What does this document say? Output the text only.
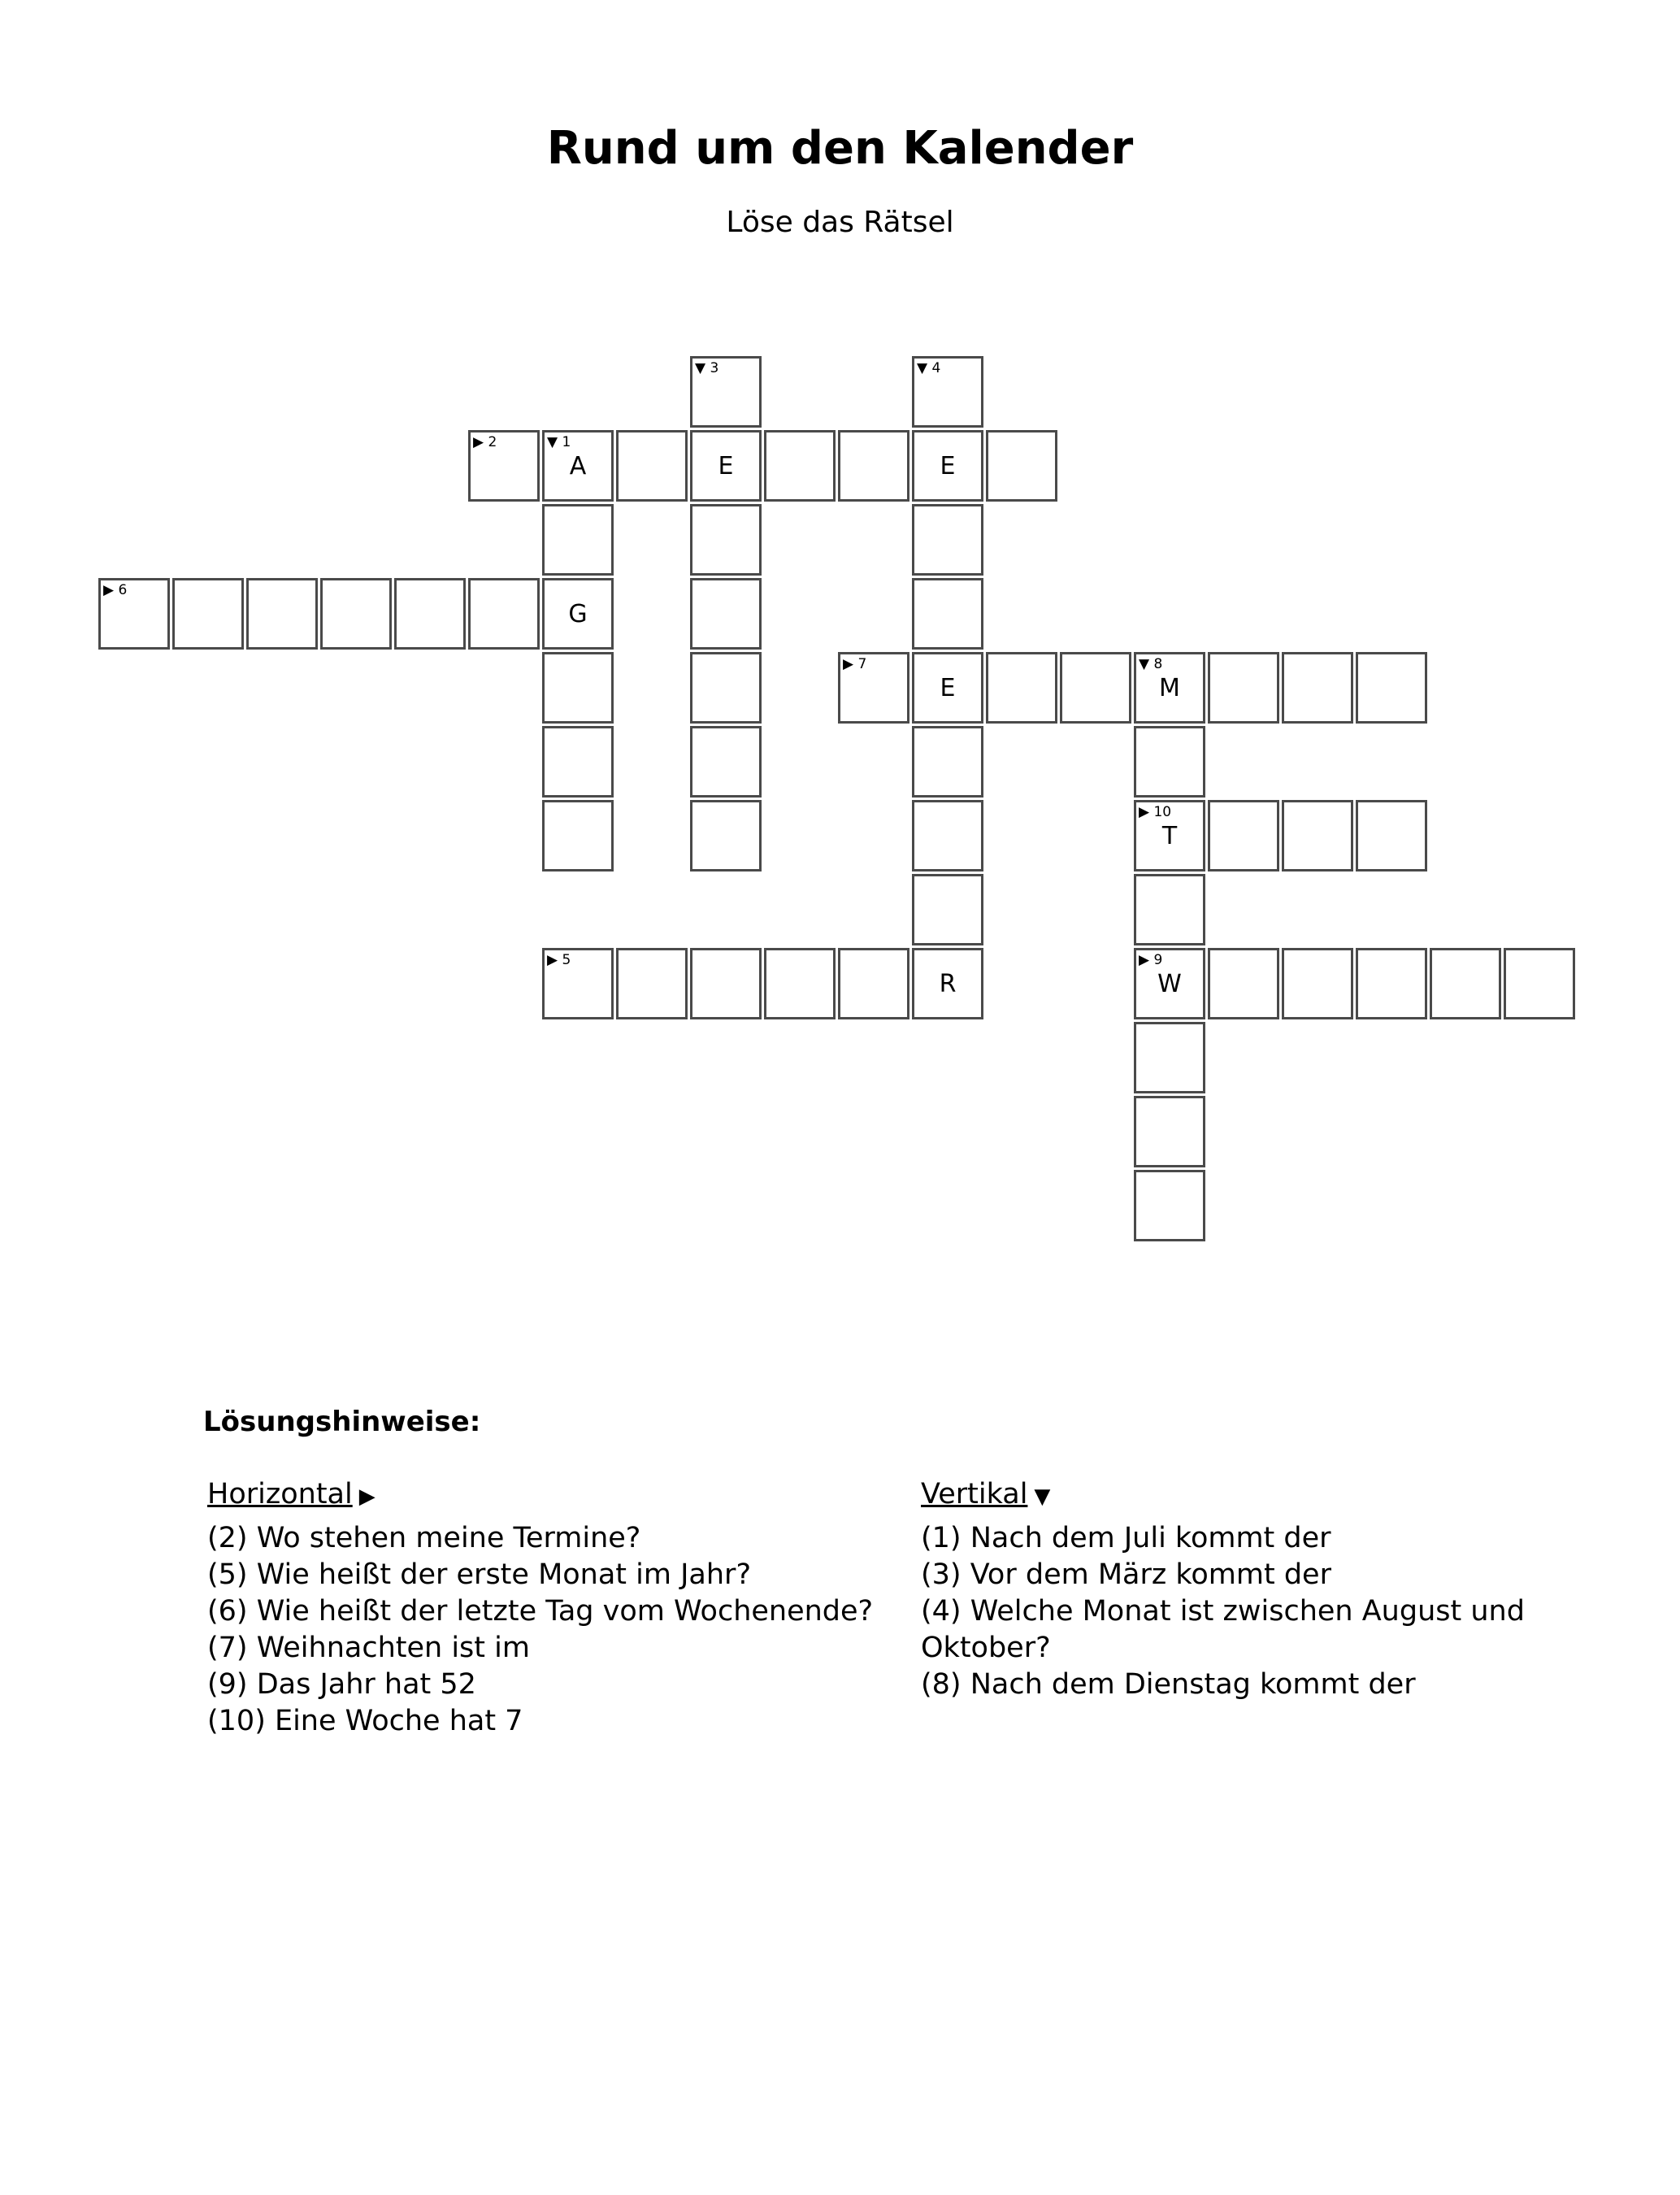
Rund um den Kalender
Löse das Rätsel
▼ 3	▼ 4
▶ 2	▼ 1
A	E	E
▶ 6
G
▶ 7
E
▼ 8
M
▶ 10
T
▶ 5
R
▶ 9
W
Lösungshinweise:
Horizontal ▶
(2) Wo stehen meine Termine?
(5) Wie heißt der erste Monat im Jahr?
(6) Wie heißt der letzte Tag vom Wochenende?
(7) Weihnachten ist im
(9) Das Jahr hat 52
(10) Eine Woche hat 7
Vertikal ▼
(1) Nach dem Juli kommt der
(3) Vor dem März kommt der
(4) Welche Monat ist zwischen August und Oktober?
(8) Nach dem Dienstag kommt der
